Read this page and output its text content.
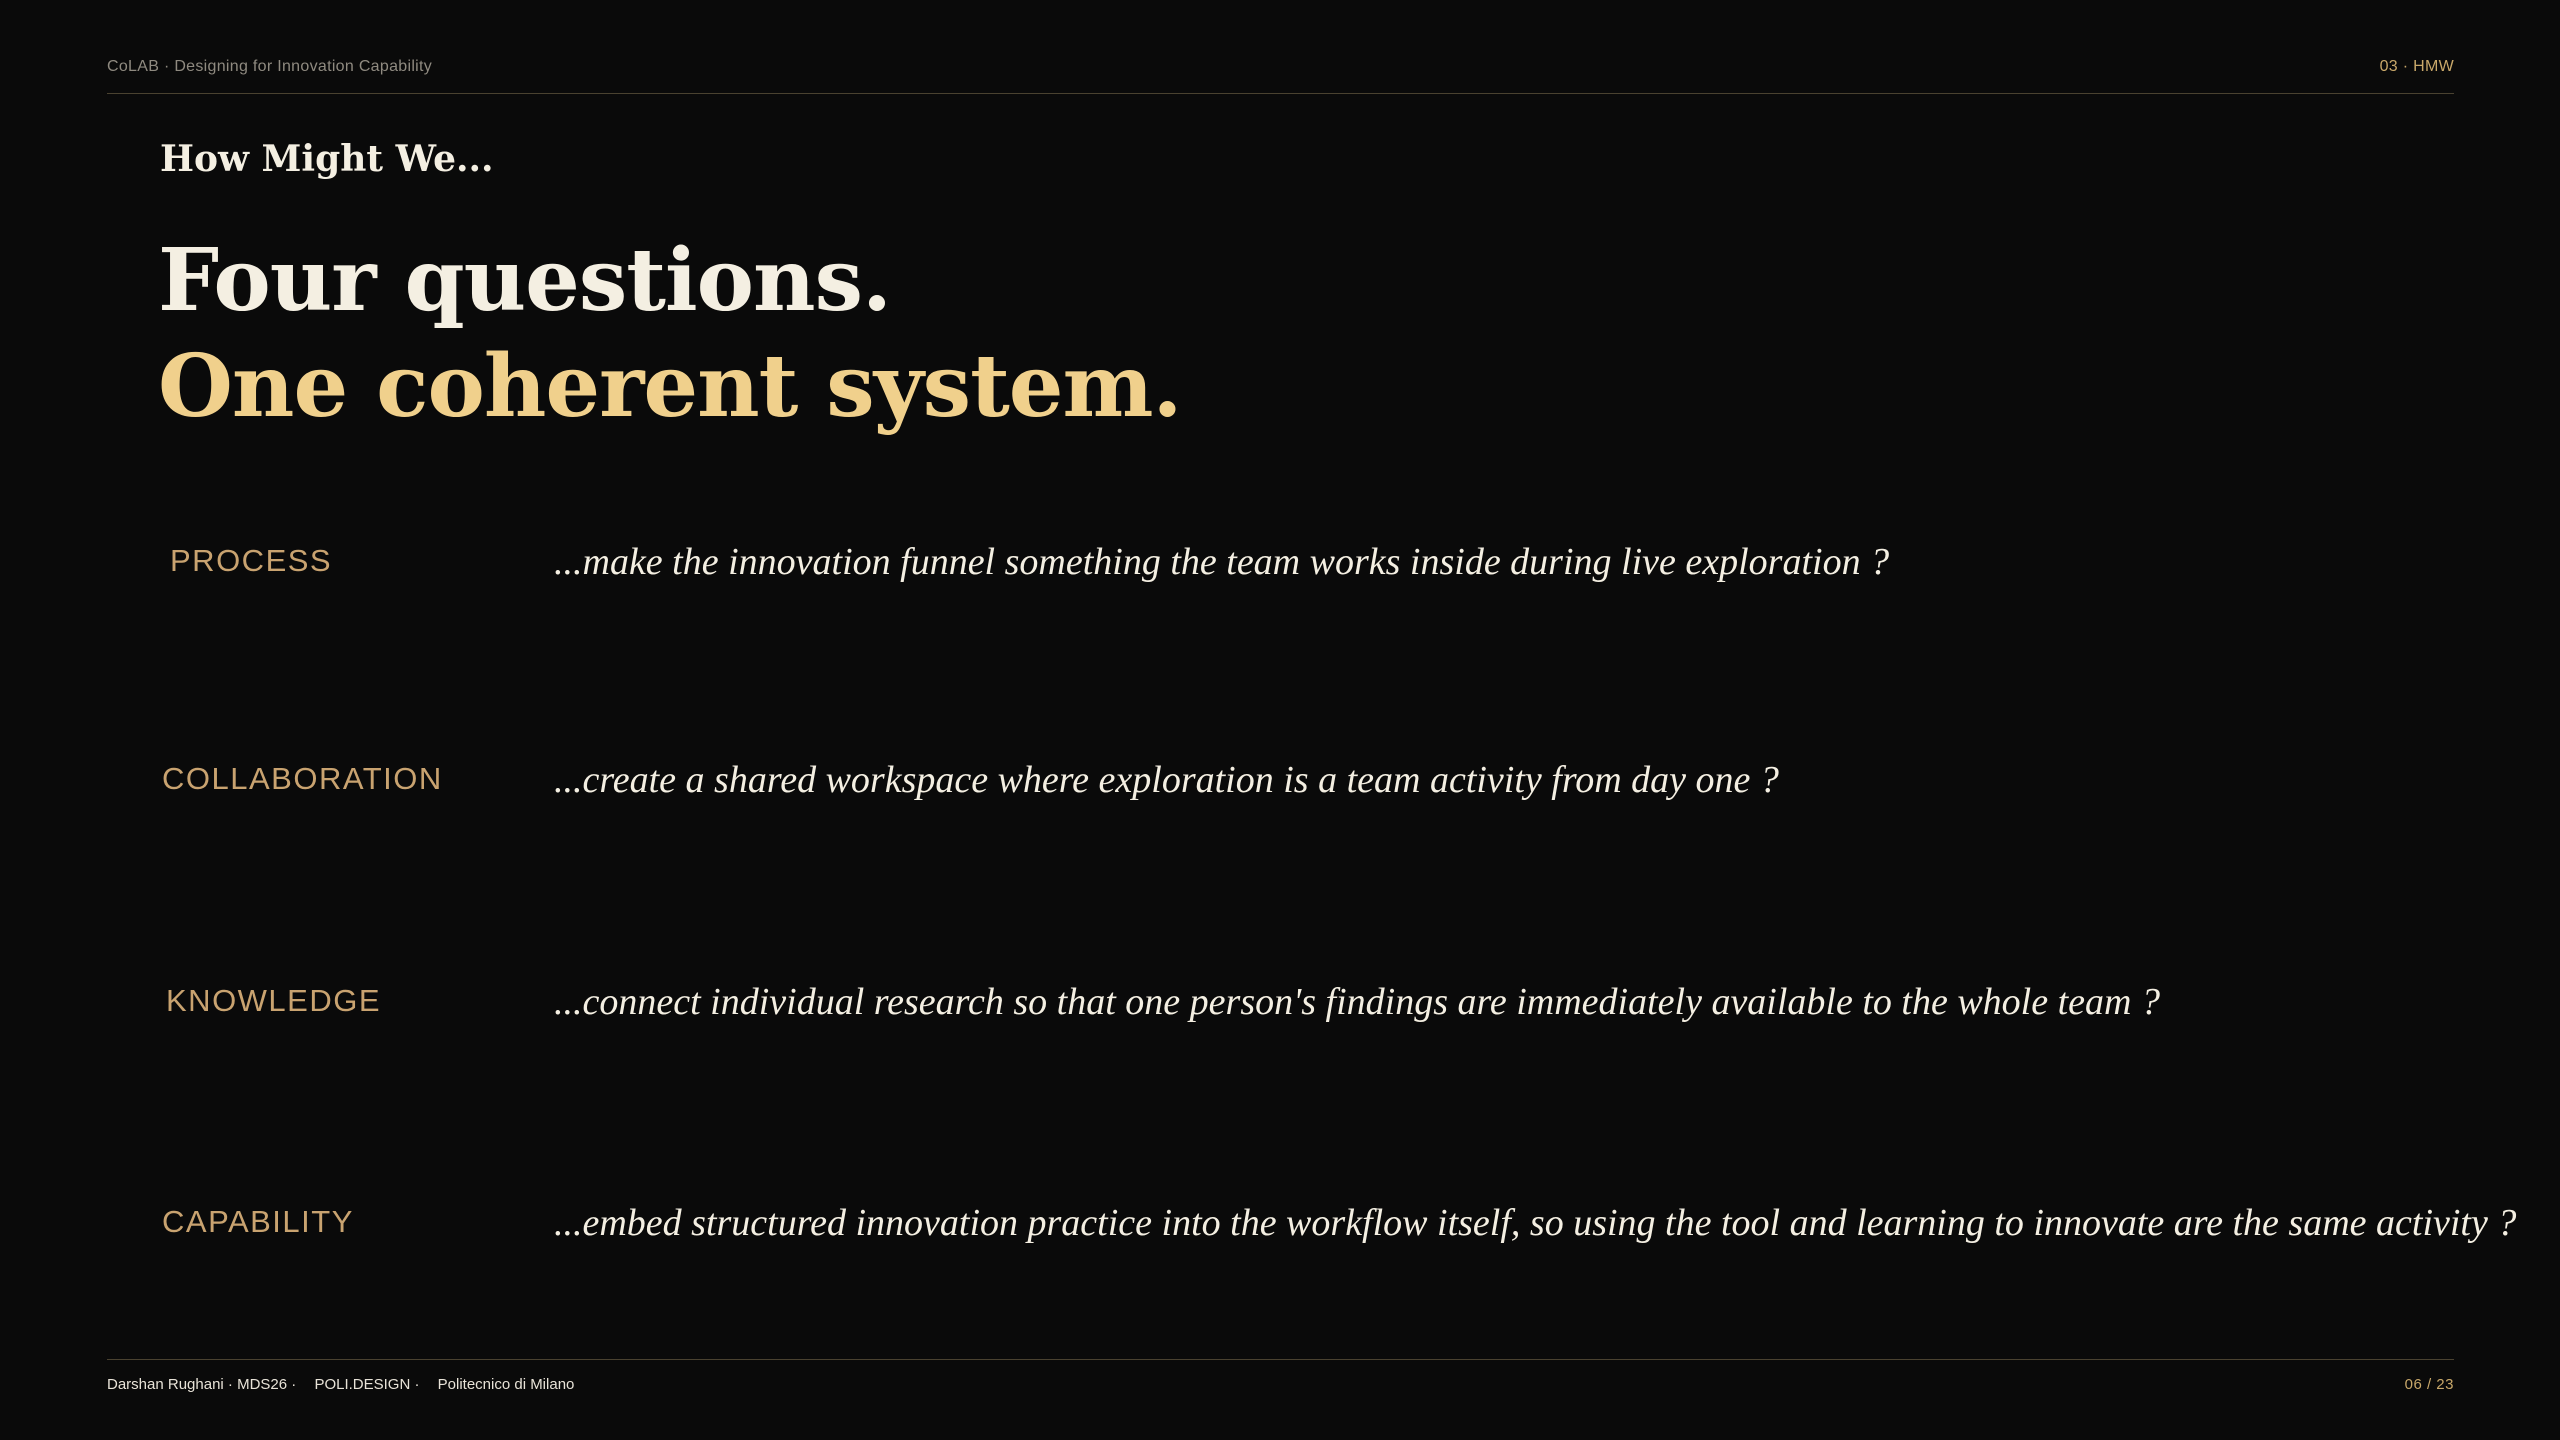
CoLAB · Designing for Innovation Capability	03 · HMW
How Might We...
Four questions.
One coherent system.
PROCESS	...make the innovation funnel something the team works inside during live exploration ?
COLLABORATION	...create a shared workspace where exploration is a team activity from day one ?
KNOWLEDGE	...connect individual research so that one person's findings are immediately available to the whole team ?
CAPABILITY	...embed structured innovation practice into the workflow itself, so using the tool and learning to innovate are the same activity ?
Darshan Rughani · MDS26 · POLI.DESIGN · Politecnico di Milano	06 / 23
